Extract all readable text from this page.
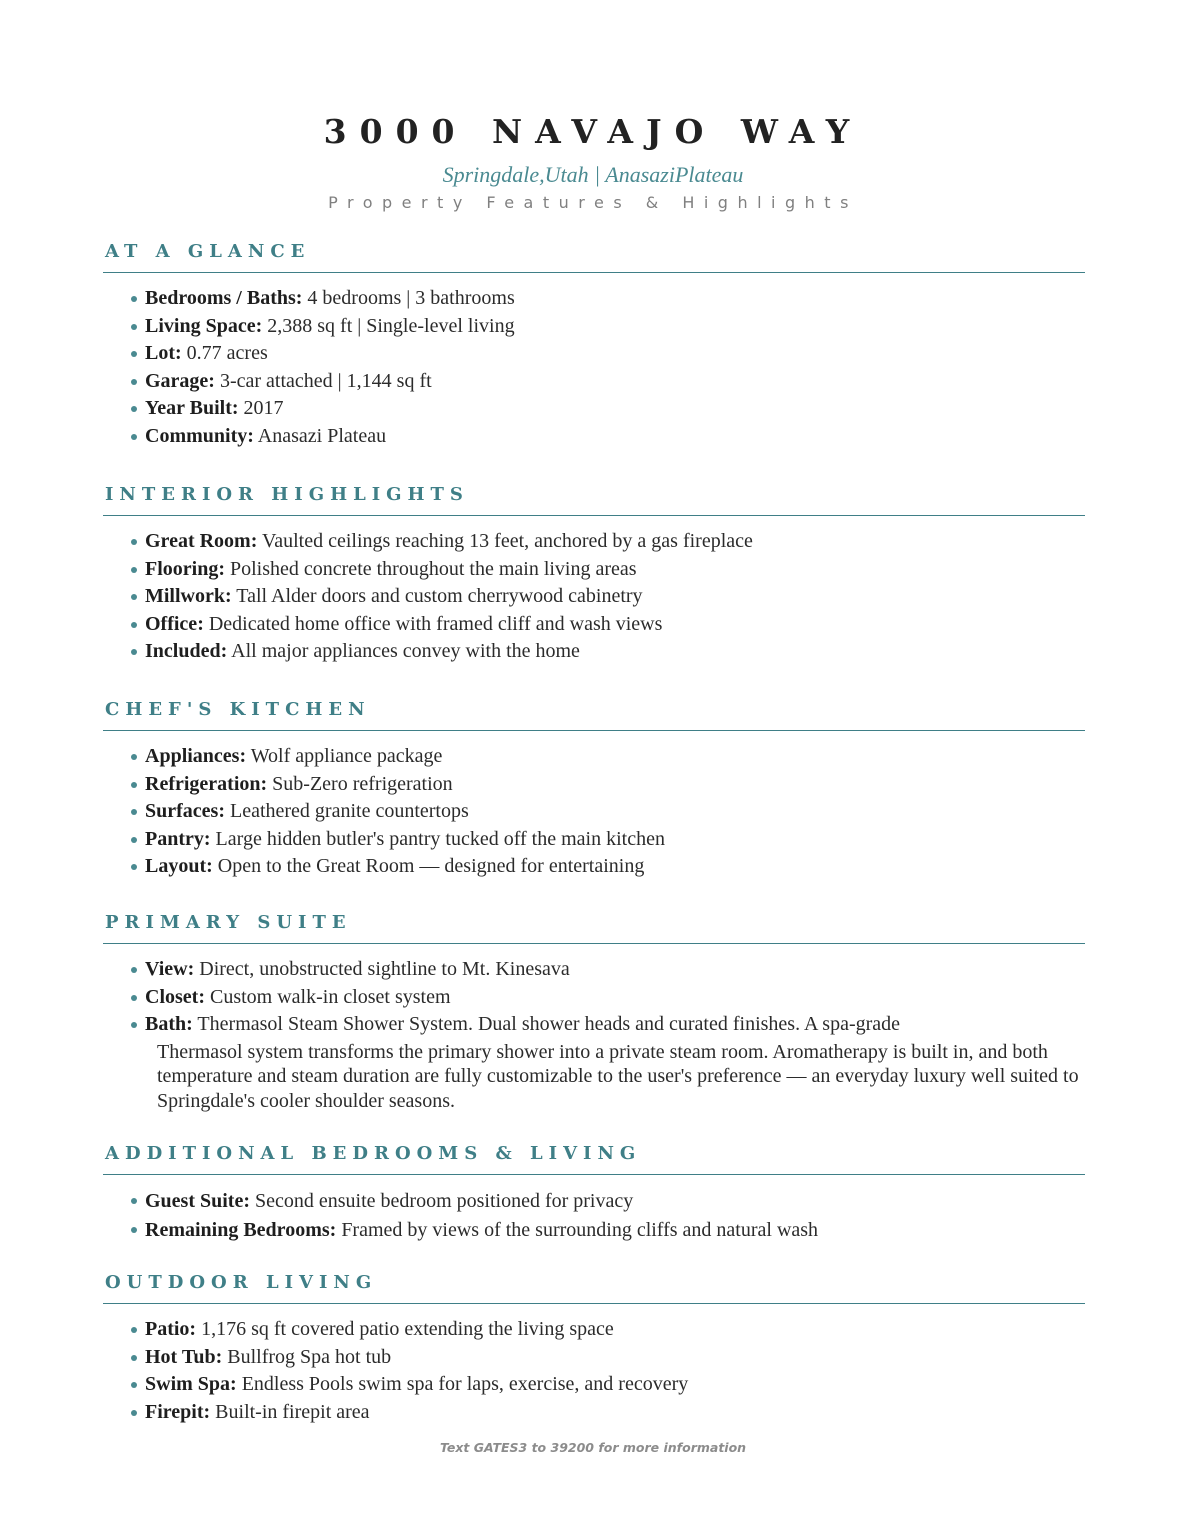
3000 NAVAJO WAY
Springdale,Utah | AnasaziPlateau
Property Features & Highlights
AT A GLANCE
Bedrooms / Baths: 4 bedrooms | 3 bathrooms
Living Space: 2,388 sq ft | Single-level living
Lot: 0.77 acres
Garage: 3-car attached | 1,144 sq ft
Year Built: 2017
Community: Anasazi Plateau
INTERIOR HIGHLIGHTS
Great Room: Vaulted ceilings reaching 13 feet, anchored by a gas fireplace
Flooring: Polished concrete throughout the main living areas
Millwork: Tall Alder doors and custom cherrywood cabinetry
Office: Dedicated home office with framed cliff and wash views
Included: All major appliances convey with the home
CHEF'S KITCHEN
Appliances: Wolf appliance package
Refrigeration: Sub-Zero refrigeration
Surfaces: Leathered granite countertops
Pantry: Large hidden butler's pantry tucked off the main kitchen
Layout: Open to the Great Room — designed for entertaining
PRIMARY SUITE
View: Direct, unobstructed sightline to Mt. Kinesava
Closet: Custom walk-in closet system
Bath: Thermasol Steam Shower System. Dual shower heads and curated finishes. A spa-grade
Thermasol system transforms the primary shower into a private steam room. Aromatherapy is built in, and both temperature and steam duration are fully customizable to the user's preference — an everyday luxury well suited to Springdale's cooler shoulder seasons.
ADDITIONAL BEDROOMS & LIVING
Guest Suite: Second ensuite bedroom positioned for privacy
Remaining Bedrooms: Framed by views of the surrounding cliffs and natural wash
OUTDOOR LIVING
Patio: 1,176 sq ft covered patio extending the living space
Hot Tub: Bullfrog Spa hot tub
Swim Spa: Endless Pools swim spa for laps, exercise, and recovery
Firepit: Built-in firepit area
Text GATES3 to 39200 for more information
